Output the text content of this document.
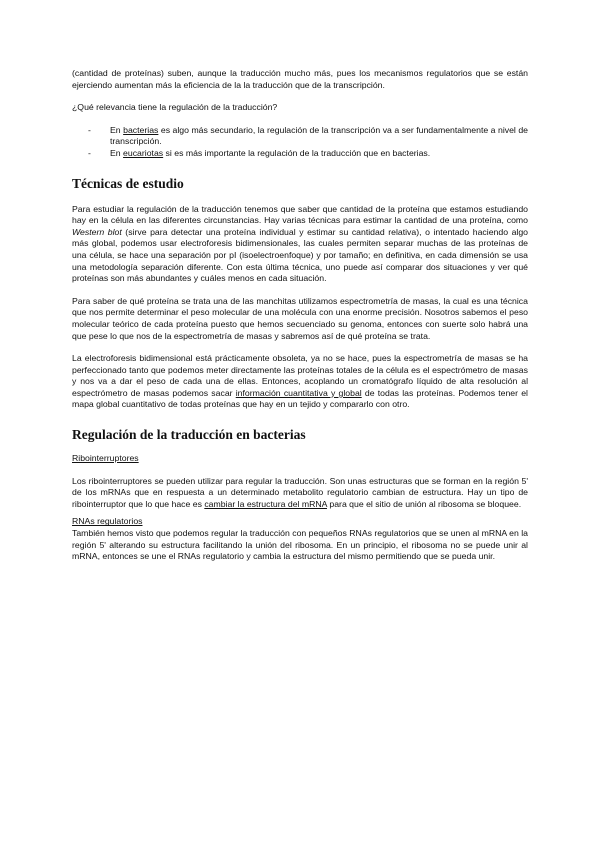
(cantidad de proteínas) suben, aunque la traducción mucho más, pues los mecanismos regulatorios que se están ejerciendo aumentan más la eficiencia de la la traducción que de la transcripción.

¿Qué relevancia tiene la regulación de la traducción?

- En bacterias es algo más secundario, la regulación de la transcripción va a ser fundamentalmente a nivel de transcripción.
- En eucariotas si es más importante la regulación de la traducción que en bacterias.
Técnicas de estudio

Para estudiar la regulación de la traducción tenemos que saber que cantidad de la proteína que estamos estudiando hay en la célula en las diferentes circunstancias. Hay varias técnicas para estimar la cantidad de una proteína, como Western blot (sirve para detectar una proteína individual y estimar su cantidad relativa), o intentado haciendo algo más global, podemos usar electroforesis bidimensionales, las cuales permiten separar muchas de las proteínas de una célula, se hace una separación por pI (isoelectroenfoque) y por tamaño; en definitiva, en cada dimensión se usa una metodología separación diferente. Con esta última técnica, uno puede así comparar dos situaciones y ver qué proteínas son más abundantes y cuáles menos en cada situación.

Para saber de qué proteína se trata una de las manchitas utilizamos espectrometría de masas, la cual es una técnica que nos permite determinar el peso molecular de una molécula con una enorme precisión. Nosotros sabemos el peso molecular teórico de cada proteína puesto que hemos secuenciado su genoma, entonces con suerte solo habrá una que pese lo que nos de la espectrometría de masas y sabremos así de qué proteína se trata.

La electroforesis bidimensional está prácticamente obsoleta, ya no se hace, pues la espectrometría de masas se ha perfeccionado tanto que podemos meter directamente las proteínas totales de la célula es el espectrómetro de masas y nos va a dar el peso de cada una de ellas. Entonces, acoplando un cromatógrafo líquido de alta resolución al espectrómetro de masas podemos sacar información cuantitativa y global de todas las proteínas. Podemos tener el mapa global cuantitativo de todas proteínas que hay en un tejido y compararlo con otro.

Regulación de la traducción en bacterias

Ribointerruptores

Los ribointerruptores se pueden utilizar para regular la traducción. Son unas estructuras que se forman en la región 5' de los mRNAs que en respuesta a un determinado metabolito regulatorio cambian de estructura. Hay un tipo de ribointerruptor que lo que hace es cambiar la estructura del mRNA para que el sitio de unión al ribosoma se bloquee.

RNAs regulatorios

También hemos visto que podemos regular la traducción con pequeños RNAs regulatorios que se unen al mRNA en la región 5' alterando su estructura facilitando la unión del ribosoma. En un principio, el ribosoma no se puede unir al mRNA, entonces se une el RNAs regulatorio y cambia la estructura del mismo permitiendo que se pueda unir.
